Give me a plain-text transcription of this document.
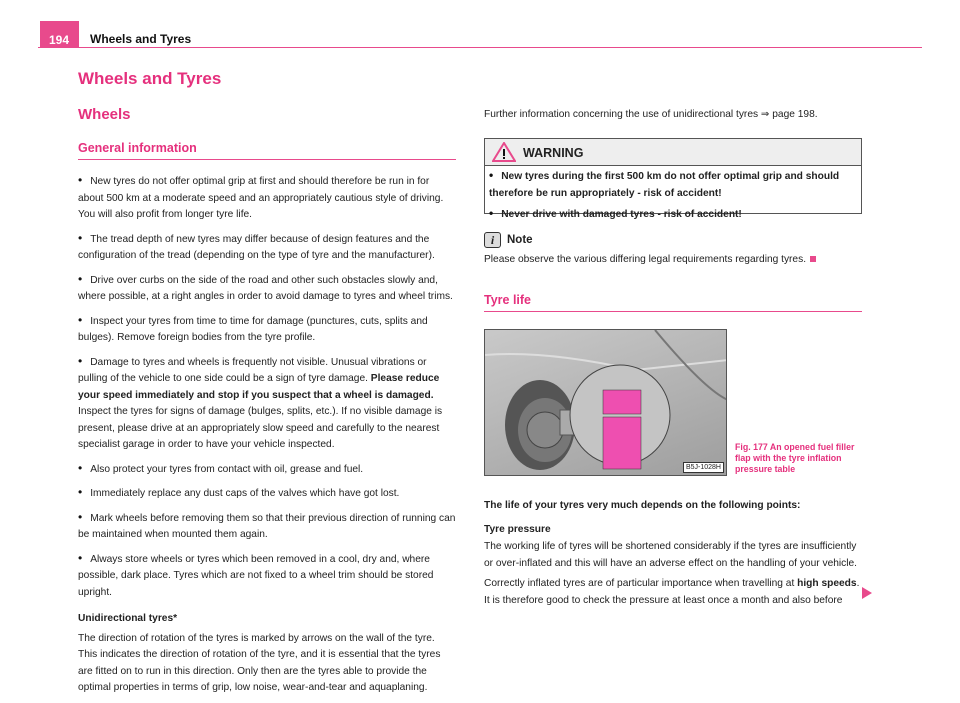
194	Wheels and Tyres
Wheels and Tyres
Wheels
General information

• New tyres do not offer optimal grip at first and should therefore be run in for about 500 km at a moderate speed and an appropriately cautious style of driving. You will also profit from longer tyre life.

• The tread depth of new tyres may differ because of design features and the configuration of the tread (depending on the type of tyre and the manufacturer).

• Drive over curbs on the side of the road and other such obstacles slowly and, where possible, at a right angles in order to avoid damage to tyres and wheel trims.

• Inspect your tyres from time to time for damage (punctures, cuts, splits and bulges). Remove foreign bodies from the tyre profile.

• Damage to tyres and wheels is frequently not visible. Unusual vibrations or pulling of the vehicle to one side could be a sign of tyre damage. Please reduce your speed immediately and stop if you suspect that a wheel is damaged. Inspect the tyres for signs of damage (bulges, splits, etc.). If no visible damage is present, please drive at an appropriately slow speed and carefully to the nearest specialist garage in order to have your vehicle inspected.

• Also protect your tyres from contact with oil, grease and fuel.

• Immediately replace any dust caps of the valves which have got lost.

• Mark wheels before removing them so that their previous direction of running can be maintained when mounted them again.

• Always store wheels or tyres which been removed in a cool, dry and, where possible, dark place. Tyres which are not fixed to a wheel trim should be stored upright.

Unidirectional tyres*

The direction of rotation of the tyres is marked by arrows on the wall of the tyre. This indicates the direction of rotation of the tyre, and it is essential that the tyres are fitted on to run in this direction. Only then are the tyres able to provide the optimal properties in terms of grip, low noise, wear-and-tear and aquaplaning.

Further information concerning the use of unidirectional tyres ⇒ page 198.
WARNING

• New tyres during the first 500 km do not offer optimal grip and should therefore be run appropriately - risk of accident!

• Never drive with damaged tyres - risk of accident!

i Note

Please observe the various differing legal requirements regarding tyres.

Tyre life
B5J-1028H
Fig. 177 An opened fuel filler flap with the tyre inflation pressure table

The life of your tyres very much depends on the following points:

Tyre pressure

The working life of tyres will be shortened considerably if the tyres are insufficiently or over-inflated and this will have an adverse effect on the handling of your vehicle.

Correctly inflated tyres are of particular importance when travelling at high speeds. It is therefore good to check the pressure at least once a month and also before
